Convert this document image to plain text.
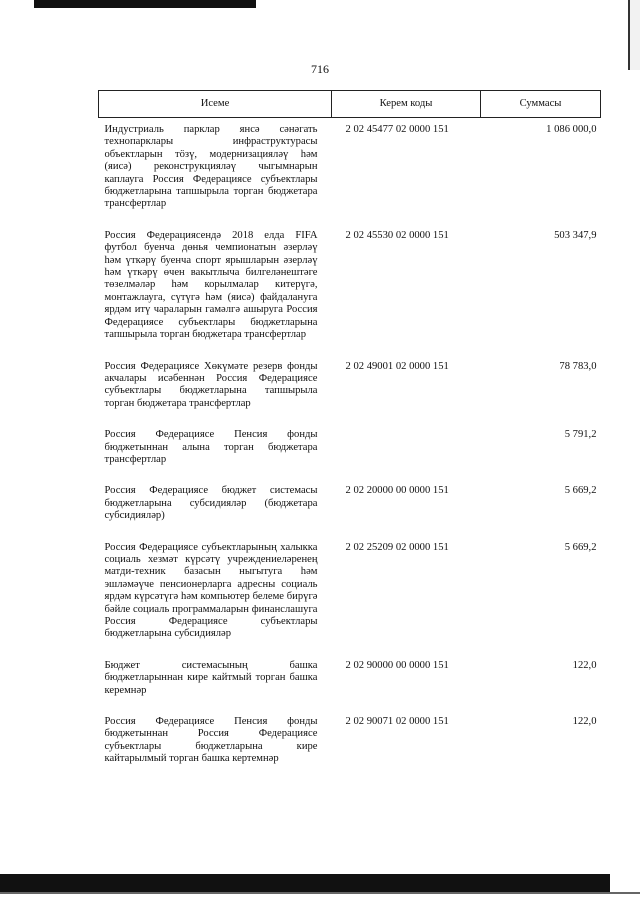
716
Исеме	Керем коды	Суммасы
Индустриаль парклар янсә сәнәгать технопарклары инфраструктурасы объектларын тӧзү, модернизацияләү һәм (яисә) реконструкцияләү чыгымнарын каплауга Россия Федерациясе субъектлары бюджетларына тапшырыла торган бюджетара трансфертлар	2 02 45477 02 0000 151	1 086 000,0
Россия Федерациясендә 2018 елда FIFA футбол буенча дөнья чемпионатын әзерләү һәм үткәрү буенча спорт ярышларын әзерләү һәм үткәрү өчен вакытлыча билгеләнештәге төзелмәләр һәм корылмалар китерүгә, монтажлауга, сүтүгә һәм (яисә) файдалануга ярдәм итү чараларын гамәлгә ашыруга Россия Федерациясе субъектлары бюджетларына тапшырыла торган бюджетара трансфертлар	2 02 45530 02 0000 151	503 347,9
Россия Федерациясе Хөкүмәте резерв фонды акчалары исәбеннән Россия Федерациясе субъектлары бюджетларына тапшырыла торган бюджетара трансфертлар	2 02 49001 02 0000 151	78 783,0
Россия Федерациясе Пенсия фонды бюджетыннан алына торган бюджетара трансфертлар		5 791,2
Россия Федерациясе бюджет системасы бюджетларына субсидияләр (бюджетара субсидияләр)	2 02 20000 00 0000 151	5 669,2
Россия Федерациясе субъектларының халыкка социаль хезмәт күрсәтү учреждениеләренең матди-техник базасын ныгытуга һәм эшләмәүче пенсионерларга адресны социаль ярдәм күрсәтүгә һәм компьютер белеме бирүгә бәйле социаль программаларын финанслашуга Россия Федерациясе субъектлары бюджетларына субсидияләр	2 02 25209 02 0000 151	5 669,2
Бюджет системасының башка бюджетларыннан кире кайтмый торган башка керемнәр	2 02 90000 00 0000 151	122,0
Россия Федерациясе Пенсия фонды бюджетыннан Россия Федерациясе субъектлары бюджетларына кире кайтарылмый торган башка кертемнәр	2 02 90071 02 0000 151	122,0
